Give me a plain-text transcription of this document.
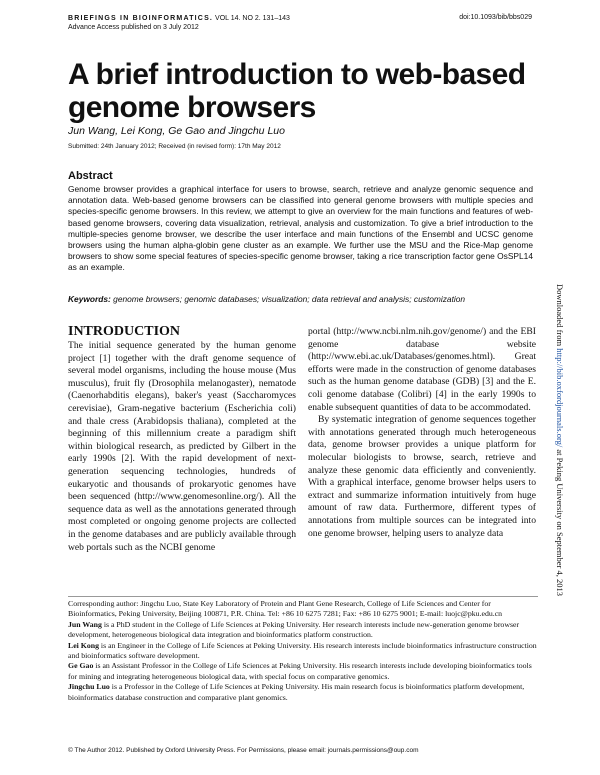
BRIEFINGS IN BIOINFORMATICS. VOL 14. NO 2. 131–143
Advance Access published on 3 July 2012
doi:10.1093/bib/bbs029
A brief introduction to web-based genome browsers
Jun Wang, Lei Kong, Ge Gao and Jingchu Luo
Submitted: 24th January 2012; Received (in revised form): 17th May 2012
Abstract

Genome browser provides a graphical interface for users to browse, search, retrieve and analyze genomic sequence and annotation data. Web-based genome browsers can be classified into general genome browsers with multiple species and species-specific genome browsers. In this review, we attempt to give an overview for the main functions and features of web-based genome browsers, covering data visualization, retrieval, analysis and customization. To give a brief introduction to the multiple-species genome browser, we describe the user interface and main functions of the Ensembl and UCSC genome browsers using the human alpha-globin gene cluster as an example. We further use the MSU and the Rice-Map genome browsers to show some special features of species-specific genome browser, taking a rice transcription factor gene OsSPL14 as an example.

Keywords: genome browsers; genomic databases; visualization; data retrieval and analysis; customization

INTRODUCTION

The initial sequence generated by the human genome project [1] together with the draft genome sequence of several model organisms, including the house mouse (Mus musculus), fruit fly (Drosophila melanogaster), nematode (Caenorhabditis elegans), baker's yeast (Saccharomyces cerevisiae), Gram-negative bacterium (Escherichia coli) and thale cress (Arabidopsis thaliana), completed at the beginning of this millennium create a paradigm shift within biological research, as predicted by Gilbert in the early 1990s [2]. With the rapid development of next-generation sequencing technologies, hundreds of eukaryotic and thousands of prokaryotic genomes have been sequenced (http://www.genomesonline.org/). All the sequence data as well as the annotations generated through most completed or ongoing genome projects are collected in the genome databases and are publicly available through web portals such as the NCBI genome

portal (http://www.ncbi.nlm.nih.gov/genome/) and the EBI genome database website (http://www.ebi.ac.uk/Databases/genomes.html). Great efforts were made in the construction of genome databases such as the human genome database (GDB) [3] and the E. coli genome database (Colibri) [4] in the early 1990s to enable subsequent quantities of data to be accommodated.

By systematic integration of genome sequences together with annotations generated through much heterogeneous data, genome browser provides a unique platform for molecular biologists to browse, search, retrieve and analyze these genomic data efficiently and conveniently. With a graphical interface, genome browser helps users to extract and summarize information intuitively from huge amount of raw data. Furthermore, different types of annotations from multiple sources can be integrated into one genome browser, helping users to analyze data

Corresponding author: Jingchu Luo, State Key Laboratory of Protein and Plant Gene Research, College of Life Sciences and Center for Bioinformatics, Peking University, Beijing 100871, P.R. China. Tel: +86 10 6275 7281; Fax: +86 10 6275 9001; E-mail: luojc@pku.edu.cn

Jun Wang is a PhD student in the College of Life Sciences at Peking University. Her research interests include new-generation genome browser development, heterogeneous biological data integration and bioinformatics platform construction.

Lei Kong is an Engineer in the College of Life Sciences at Peking University. His research interests include bioinformatics infrastructure construction and bioinformatics software development.

Ge Gao is an Assistant Professor in the College of Life Sciences at Peking University. His research interests include developing bioinformatics tools for mining and integrating heterogeneous biological data, with special focus on comparative genomics.

Jingchu Luo is a Professor in the College of Life Sciences at Peking University. His main research focus is bioinformatics platform development, bioinformatics database construction and comparative plant genomics.

© The Author 2012. Published by Oxford University Press. For Permissions, please email: journals.permissions@oup.com
Downloaded from http://bib.oxfordjournals.org/ at Peking University on September 4, 2013
